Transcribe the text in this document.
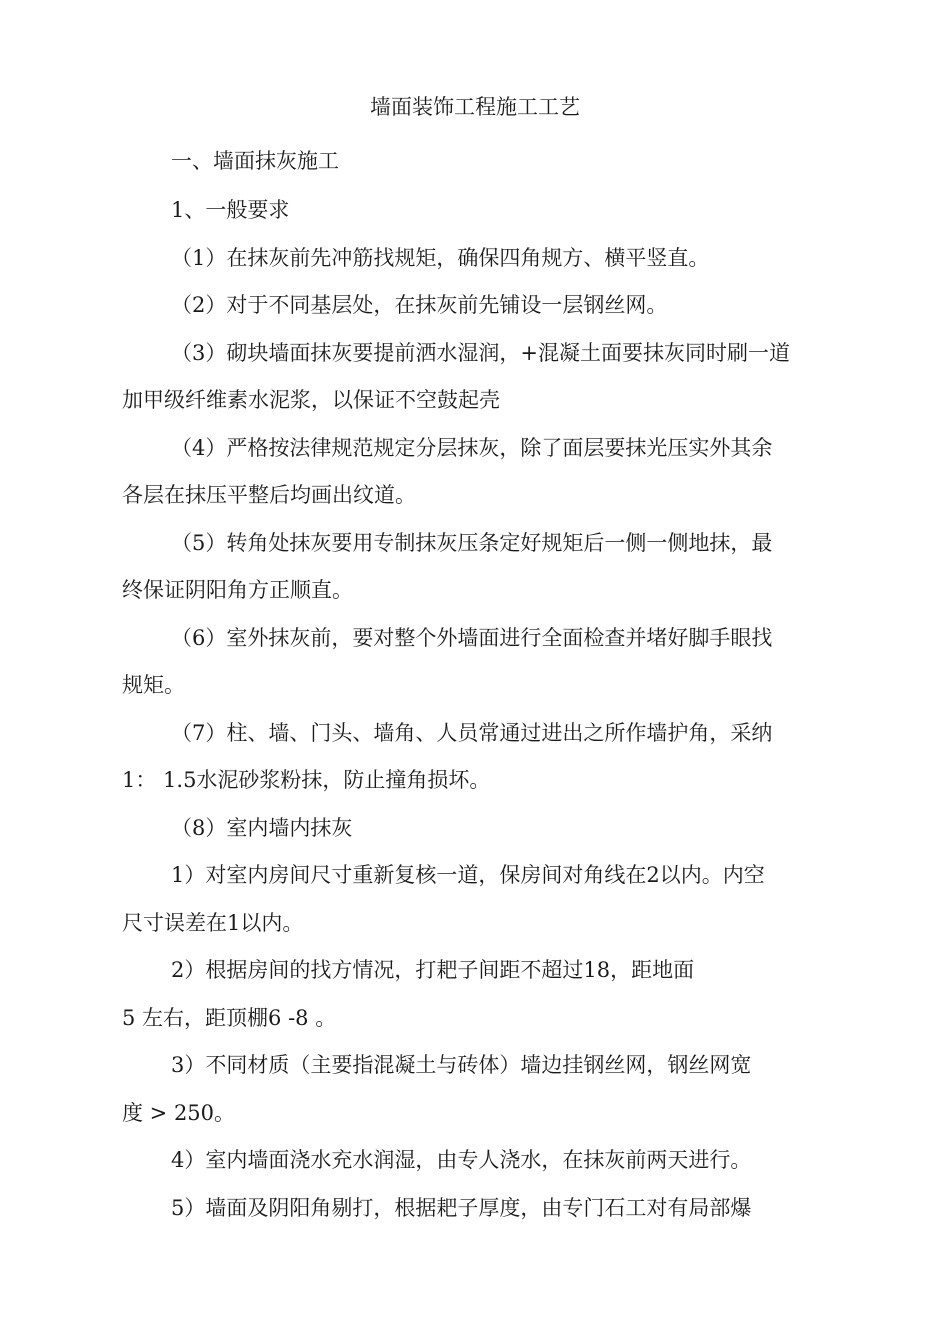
墙面装饰工程施工工艺
一、墙面抹灰施工
1、一般要求
（1）在抹灰前先冲筋找规矩，确保四角规方、横平竖直。
（2）对于不同基层处，在抹灰前先铺设一层钢丝网。
（3）砌块墙面抹灰要提前洒水湿润，+混凝土面要抹灰同时刷一道
加甲级纤维素水泥浆，以保证不空鼓起壳
（4）严格按法律规范规定分层抹灰，除了面层要抹光压实外其余
各层在抹压平整后均画出纹道。
（5）转角处抹灰要用专制抹灰压条定好规矩后一侧一侧地抹，最
终保证阴阳角方正顺直。
（6）室外抹灰前，要对整个外墙面进行全面检查并堵好脚手眼找
规矩。
（7）柱、墙、门头、墙角、人员常通过进出之所作墙护角，采纳
1： 1.5水泥砂浆粉抹，防止撞角损坏。
（8）室内墙内抹灰
1）对室内房间尺寸重新复核一道，保房间对角线在2以内。内空
尺寸误差在1以内。
2）根据房间的找方情况，打耙子间距不超过18，距地面
5 左右，距顶棚6 -8 。
3）不同材质（主要指混凝土与砖体）墙边挂钢丝网，钢丝网宽
度 > 250。
4）室内墙面浇水充水润湿，由专人浇水，在抹灰前两天进行。
5）墙面及阴阳角剔打，根据耙子厚度，由专门石工对有局部爆
